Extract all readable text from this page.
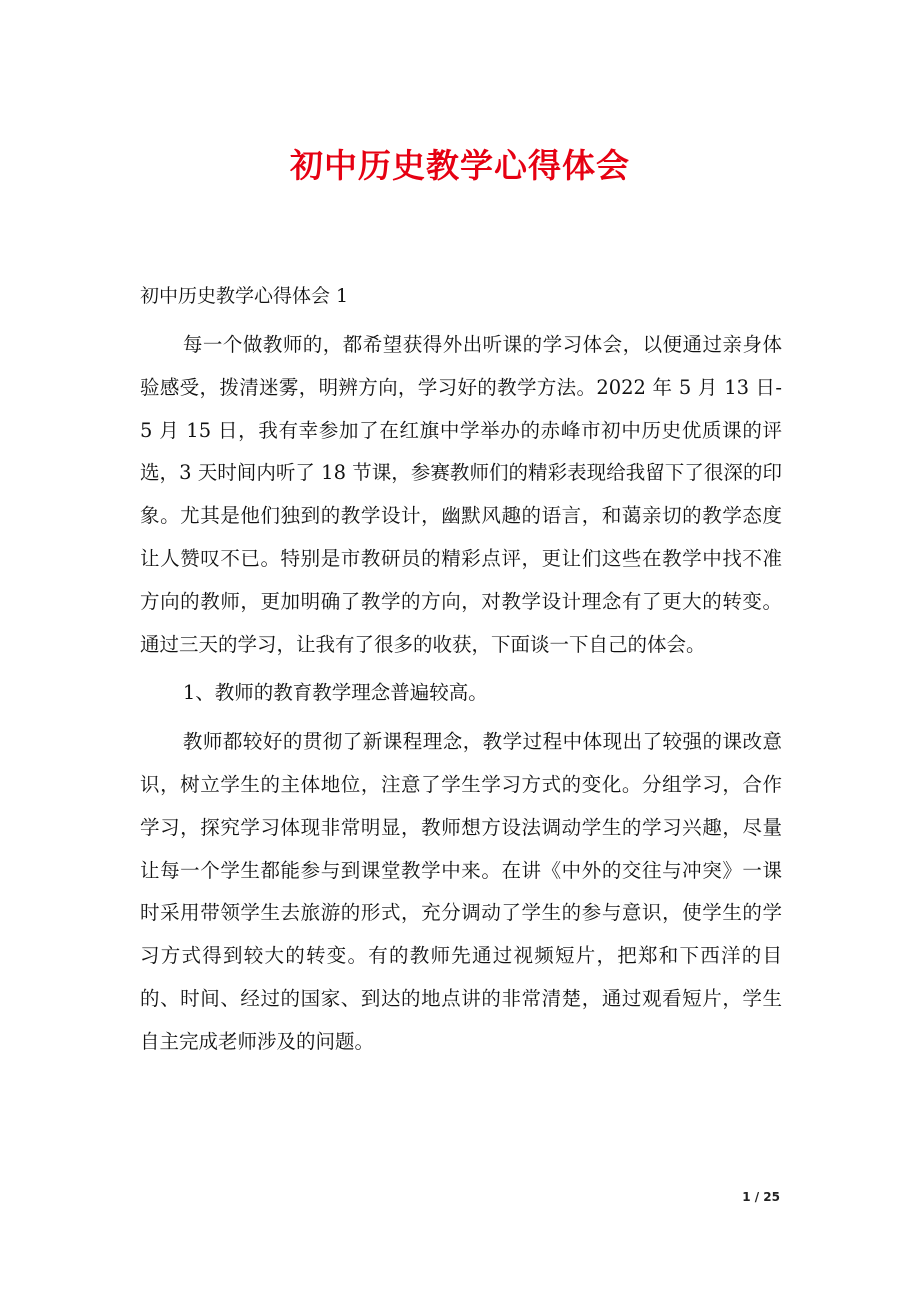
初中历史教学心得体会

初中历史教学心得体会 1

每一个做教师的，都希望获得外出听课的学习体会，以便通过亲身体验感受，拨清迷雾，明辨方向，学习好的教学方法。2022 年 5 月 13 日-5 月 15 日，我有幸参加了在红旗中学举办的赤峰市初中历史优质课的评选，3 天时间内听了 18 节课，参赛教师们的精彩表现给我留下了很深的印象。尤其是他们独到的教学设计，幽默风趣的语言，和蔼亲切的教学态度让人赞叹不已。特别是市教研员的精彩点评，更让们这些在教学中找不准方向的教师，更加明确了教学的方向，对教学设计理念有了更大的转变。通过三天的学习，让我有了很多的收获，下面谈一下自己的体会。

1、教师的教育教学理念普遍较高。

教师都较好的贯彻了新课程理念，教学过程中体现出了较强的课改意识，树立学生的主体地位，注意了学生学习方式的变化。分组学习，合作学习，探究学习体现非常明显，教师想方设法调动学生的学习兴趣，尽量让每一个学生都能参与到课堂教学中来。在讲《中外的交往与冲突》一课时采用带领学生去旅游的形式，充分调动了学生的参与意识，使学生的学习方式得到较大的转变。有的教师先通过视频短片，把郑和下西洋的目的、时间、经过的国家、到达的地点讲的非常清楚，通过观看短片，学生自主完成老师涉及的问题。

1 / 25
